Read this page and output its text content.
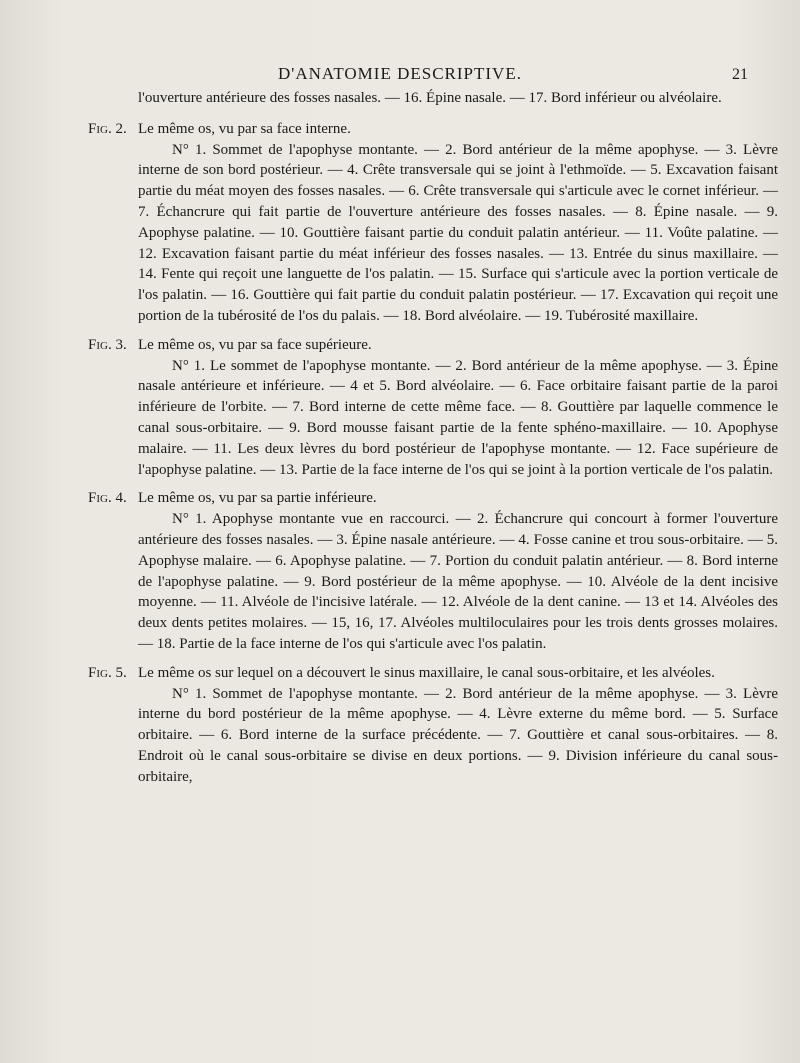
D'ANATOMIE DESCRIPTIVE.	21
l'ouverture antérieure des fosses nasales. — 16. Épine nasale. — 17. Bord inférieur ou alvéolaire.
Fig. 2. Le même os, vu par sa face interne.
N° 1. Sommet de l'apophyse montante. — 2. Bord antérieur de la même apophyse. — 3. Lèvre interne de son bord postérieur. — 4. Crête transversale qui se joint à l'ethmoïde. — 5. Excavation faisant partie du méat moyen des fosses nasales. — 6. Crête transversale qui s'articule avec le cornet inférieur. — 7. Échancrure qui fait partie de l'ouverture antérieure des fosses nasales. — 8. Épine nasale. — 9. Apophyse palatine. — 10. Gouttière faisant partie du conduit palatin antérieur. — 11. Voûte palatine. — 12. Excavation faisant partie du méat inférieur des fosses nasales. — 13. Entrée du sinus maxillaire. — 14. Fente qui reçoit une languette de l'os palatin. — 15. Surface qui s'articule avec la portion verticale de l'os palatin. — 16. Gouttière qui fait partie du conduit palatin postérieur. — 17. Excavation qui reçoit une portion de la tubérosité de l'os du palais. — 18. Bord alvéolaire. — 19. Tubérosité maxillaire.
Fig. 3. Le même os, vu par sa face supérieure.
N° 1. Le sommet de l'apophyse montante. — 2. Bord antérieur de la même apophyse. — 3. Épine nasale antérieure et inférieure. — 4 et 5. Bord alvéolaire. — 6. Face orbitaire faisant partie de la paroi inférieure de l'orbite. — 7. Bord interne de cette même face. — 8. Gouttière par laquelle commence le canal sous-orbitaire. — 9. Bord mousse faisant partie de la fente sphéno-maxillaire. — 10. Apophyse malaire. — 11. Les deux lèvres du bord postérieur de l'apophyse montante. — 12. Face supérieure de l'apophyse palatine. — 13. Partie de la face interne de l'os qui se joint à la portion verticale de l'os palatin.
Fig. 4. Le même os, vu par sa partie inférieure.
N° 1. Apophyse montante vue en raccourci. — 2. Échancrure qui concourt à former l'ouverture antérieure des fosses nasales. — 3. Épine nasale antérieure. — 4. Fosse canine et trou sous-orbitaire. — 5. Apophyse malaire. — 6. Apophyse palatine. — 7. Portion du conduit palatin antérieur. — 8. Bord interne de l'apophyse palatine. — 9. Bord postérieur de la même apophyse. — 10. Alvéole de la dent incisive moyenne. — 11. Alvéole de l'incisive latérale. — 12. Alvéole de la dent canine. — 13 et 14. Alvéoles des deux dents petites molaires. — 15, 16, 17. Alvéoles multiloculaires pour les trois dents grosses molaires. — 18. Partie de la face interne de l'os qui s'articule avec l'os palatin.
Fig. 5. Le même os sur lequel on a découvert le sinus maxillaire, le canal sous-orbitaire, et les alvéoles.
N° 1. Sommet de l'apophyse montante. — 2. Bord antérieur de la même apophyse. — 3. Lèvre interne du bord postérieur de la même apophyse. — 4. Lèvre externe du même bord. — 5. Surface orbitaire. — 6. Bord interne de la surface précédente. — 7. Gouttière et canal sous-orbitaires. — 8. Endroit où le canal sous-orbitaire se divise en deux portions. — 9. Division inférieure du canal sous-orbitaire,
